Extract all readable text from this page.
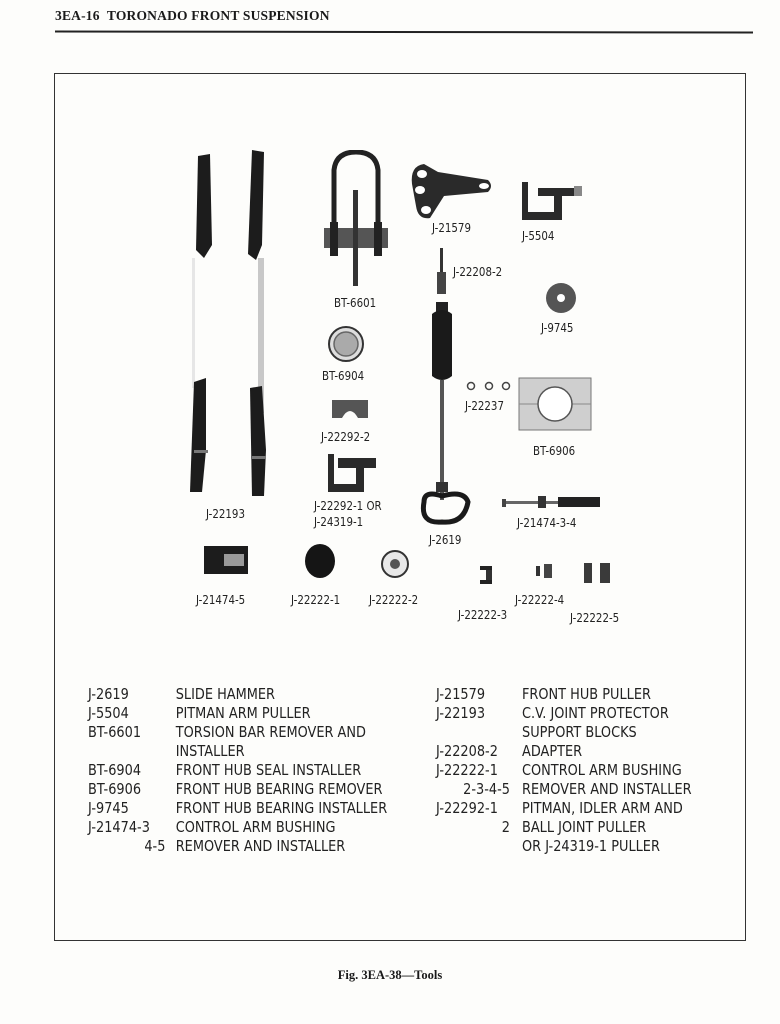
3EA-16 TORONADO FRONT SUSPENSION
J-22193
BT-6601
J-21579
J-5504
J-22208-2
J-9745
BT-6904
J-2619
J-22237
BT-6906
J-22292-2
J-22292-1 OR
J-24319-1	J-21474-3-4
J-21474-5	J-22222-1 J-22222-2
J-22222-3
J-22222-4
J-22222-5
J-2619	SLIDE HAMMER
J-5504	PITMAN ARM PULLER
BT-6601 TORSION BAR REMOVER AND
INSTALLER
BT-6904 FRONT HUB SEAL INSTALLER
BT-6906 FRONT HUB BEARING REMOVER
J-9745	FRONT HUB BEARING INSTALLER
J-21474-3 CONTROL ARM BUSHING
4-5 REMOVER AND INSTALLER
J-21579 FRONT HUB PULLER
J-22193 C.V. JOINT PROTECTOR
SUPPORT BLOCKS
J-22208-2 ADAPTER
J-22222-1 CONTROL ARM BUSHING
2-3-4-5 REMOVER AND INSTALLER
J-22292-1 PITMAN, IDLER ARM AND
2 BALL JOINT PULLER
OR J-24319-1 PULLER
Fig. 3EA-38—Tools
